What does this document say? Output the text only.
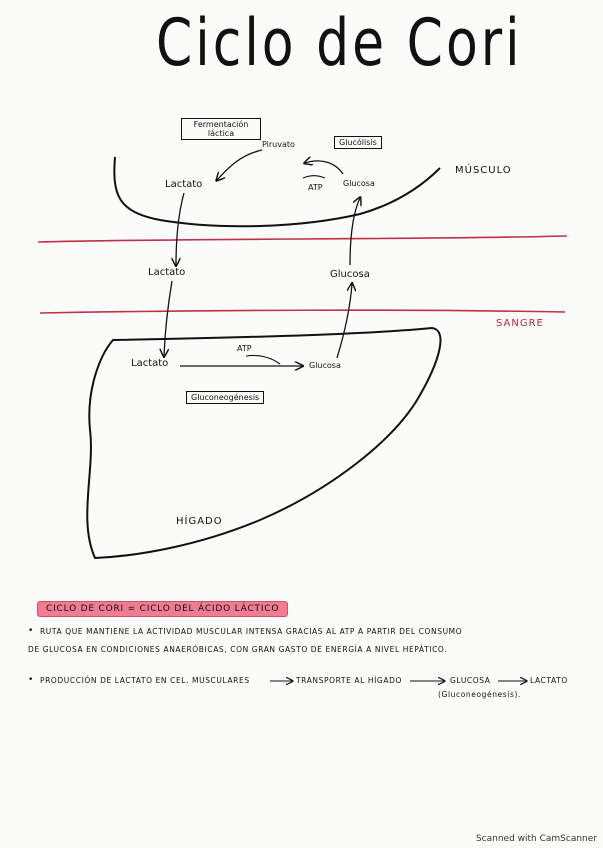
Ciclo de Cori
Fermentación láctica
Piruvato	Glucólisis
Lactato	ATP	Glucosa
MÚSCULO
Lactato	Glucosa
SANGRE
Lactato
ATP
Glucosa
Gluconeogénesis
HÍGADO
CICLO DE CORI = CICLO DEL ÁCIDO LÁCTICO
• RUTA QUE MANTIENE LA ACTIVIDAD MUSCULAR INTENSA GRACIAS AL ATP A PARTIR DEL CONSUMO
DE GLUCOSA EN CONDICIONES ANAERÓBICAS, CON GRAN GASTO DE ENERGÍA A NIVEL HEPÁTICO.
• PRODUCCIÓN DE LACTATO EN CEL. MUSCULARES	TRANSPORTE AL HÍGADO	GLUCOSA	LACTATO
(Gluconeogénesis).
Scanned with CamScanner
